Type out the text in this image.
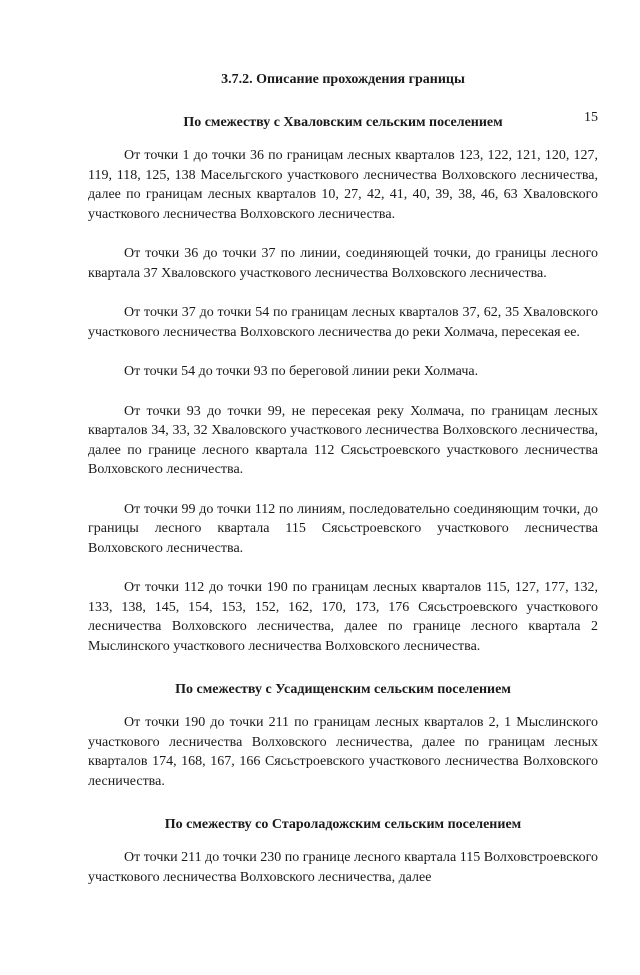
15
3.7.2. Описание прохождения границы
По смежеству с Хваловским сельским поселением

От точки 1 до точки 36 по границам лесных кварталов 123, 122, 121, 120, 127, 119, 118, 125, 138 Масельгского участкового лесничества Волховского лесничества, далее по границам лесных кварталов 10, 27, 42, 41, 40, 39, 38, 46, 63 Хваловского участкового лесничества Волховского лесничества.

От точки 36 до точки 37 по линии, соединяющей точки, до границы лесного квартала 37 Хваловского участкового лесничества Волховского лесничества.

От точки 37 до точки 54 по границам лесных кварталов 37, 62, 35 Хваловского участкового лесничества Волховского лесничества до реки Холмача, пересекая ее.

От точки 54 до точки 93 по береговой линии реки Холмача.

От точки 93 до точки 99, не пересекая реку Холмача, по границам лесных кварталов 34, 33, 32 Хваловского участкового лесничества Волховского лесничества, далее по границе лесного квартала 112 Сясьстроевского участкового лесничества Волховского лесничества.

От точки 99 до точки 112 по линиям, последовательно соединяющим точки, до границы лесного квартала 115 Сясьстроевского участкового лесничества Волховского лесничества.

От точки 112 до точки 190 по границам лесных кварталов 115, 127, 177, 132, 133, 138, 145, 154, 153, 152, 162, 170, 173, 176 Сясьстроевского участкового лесничества Волховского лесничества, далее по границе лесного квартала 2 Мыслинского участкового лесничества Волховского лесничества.

По смежеству с Усадищенским сельским поселением

От точки 190 до точки 211 по границам лесных кварталов 2, 1 Мыслинского участкового лесничества Волховского лесничества, далее по границам лесных кварталов 174, 168, 167, 166 Сясьстроевского участкового лесничества Волховского лесничества.

По смежеству со Староладожским сельским поселением

От точки 211 до точки 230 по границе лесного квартала 115 Волховстроевского участкового лесничества Волховского лесничества, далее
